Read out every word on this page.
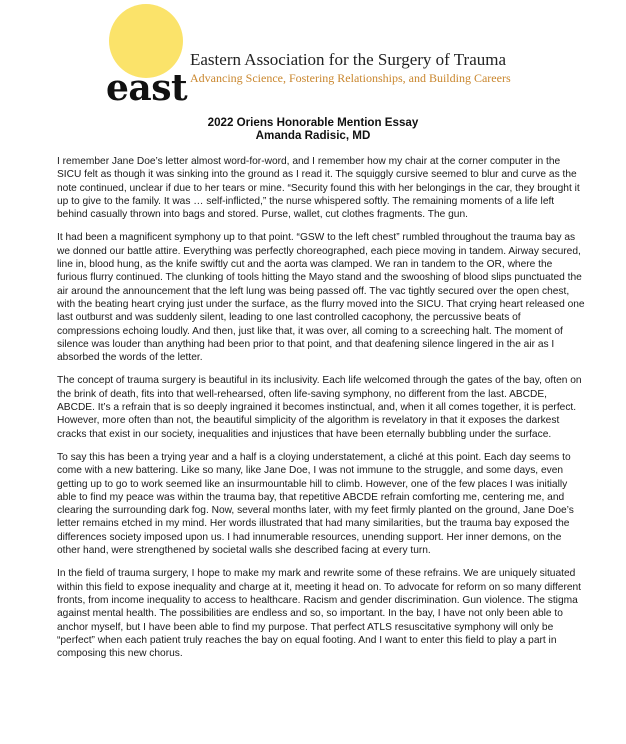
east
Eastern Association for the Surgery of Trauma
Advancing Science, Fostering Relationships, and Building Careers
2022 Oriens Honorable Mention Essay
Amanda Radisic, MD

I remember Jane Doe’s letter almost word-for-word, and I remember how my chair at the corner computer in the SICU felt as though it was sinking into the ground as I read it. The squiggly cursive seemed to blur and curve as the note continued, unclear if due to her tears or mine. “Security found this with her belongings in the car, they brought it up to give to the family. It was … self-inflicted,” the nurse whispered softly. The remaining moments of a life left behind casually thrown into bags and stored. Purse, wallet, cut clothes fragments. The gun.

It had been a magnificent symphony up to that point. “GSW to the left chest” rumbled throughout the trauma bay as we donned our battle attire. Everything was perfectly choreographed, each piece moving in tandem. Airway secured, line in, blood hung, as the knife swiftly cut and the aorta was clamped. We ran in tandem to the OR, where the furious flurry continued. The clunking of tools hitting the Mayo stand and the swooshing of blood slips punctuated the air around the announcement that the left lung was being passed off. The vac tightly secured over the open chest, with the beating heart crying just under the surface, as the flurry moved into the SICU. That crying heart released one last outburst and was suddenly silent, leading to one last controlled cacophony, the percussive beats of compressions echoing loudly. And then, just like that, it was over, all coming to a screeching halt. The moment of silence was louder than anything had been prior to that point, and that deafening silence lingered in the air as I absorbed the words of the letter.

The concept of trauma surgery is beautiful in its inclusivity. Each life welcomed through the gates of the bay, often on the brink of death, fits into that well-rehearsed, often life-saving symphony, no different from the last. ABCDE, ABCDE. It’s a refrain that is so deeply ingrained it becomes instinctual, and, when it all comes together, it is perfect. However, more often than not, the beautiful simplicity of the algorithm is revelatory in that it exposes the darkest cracks that exist in our society, inequalities and injustices that have been eternally bubbling under the surface.

To say this has been a trying year and a half is a cloying understatement, a cliché at this point. Each day seems to come with a new battering. Like so many, like Jane Doe, I was not immune to the struggle, and some days, even getting up to go to work seemed like an insurmountable hill to climb. However, one of the few places I was initially able to find my peace was within the trauma bay, that repetitive ABCDE refrain comforting me, centering me, and clearing the surrounding dark fog. Now, several months later, with my feet firmly planted on the ground, Jane Doe’s letter remains etched in my mind. Her words illustrated that had many similarities, but the trauma bay exposed the differences society imposed upon us. I had innumerable resources, unending support. Her inner demons, on the other hand, were strengthened by societal walls she described facing at every turn.

In the field of trauma surgery, I hope to make my mark and rewrite some of these refrains. We are uniquely situated within this field to expose inequality and charge at it, meeting it head on. To advocate for reform on so many different fronts, from income inequality to access to healthcare. Racism and gender discrimination. Gun violence. The stigma against mental health. The possibilities are endless and so, so important. In the bay, I have not only been able to anchor myself, but I have been able to find my purpose. That perfect ATLS resuscitative symphony will only be “perfect” when each patient truly reaches the bay on equal footing. And I want to enter this field to play a part in composing this new chorus.
